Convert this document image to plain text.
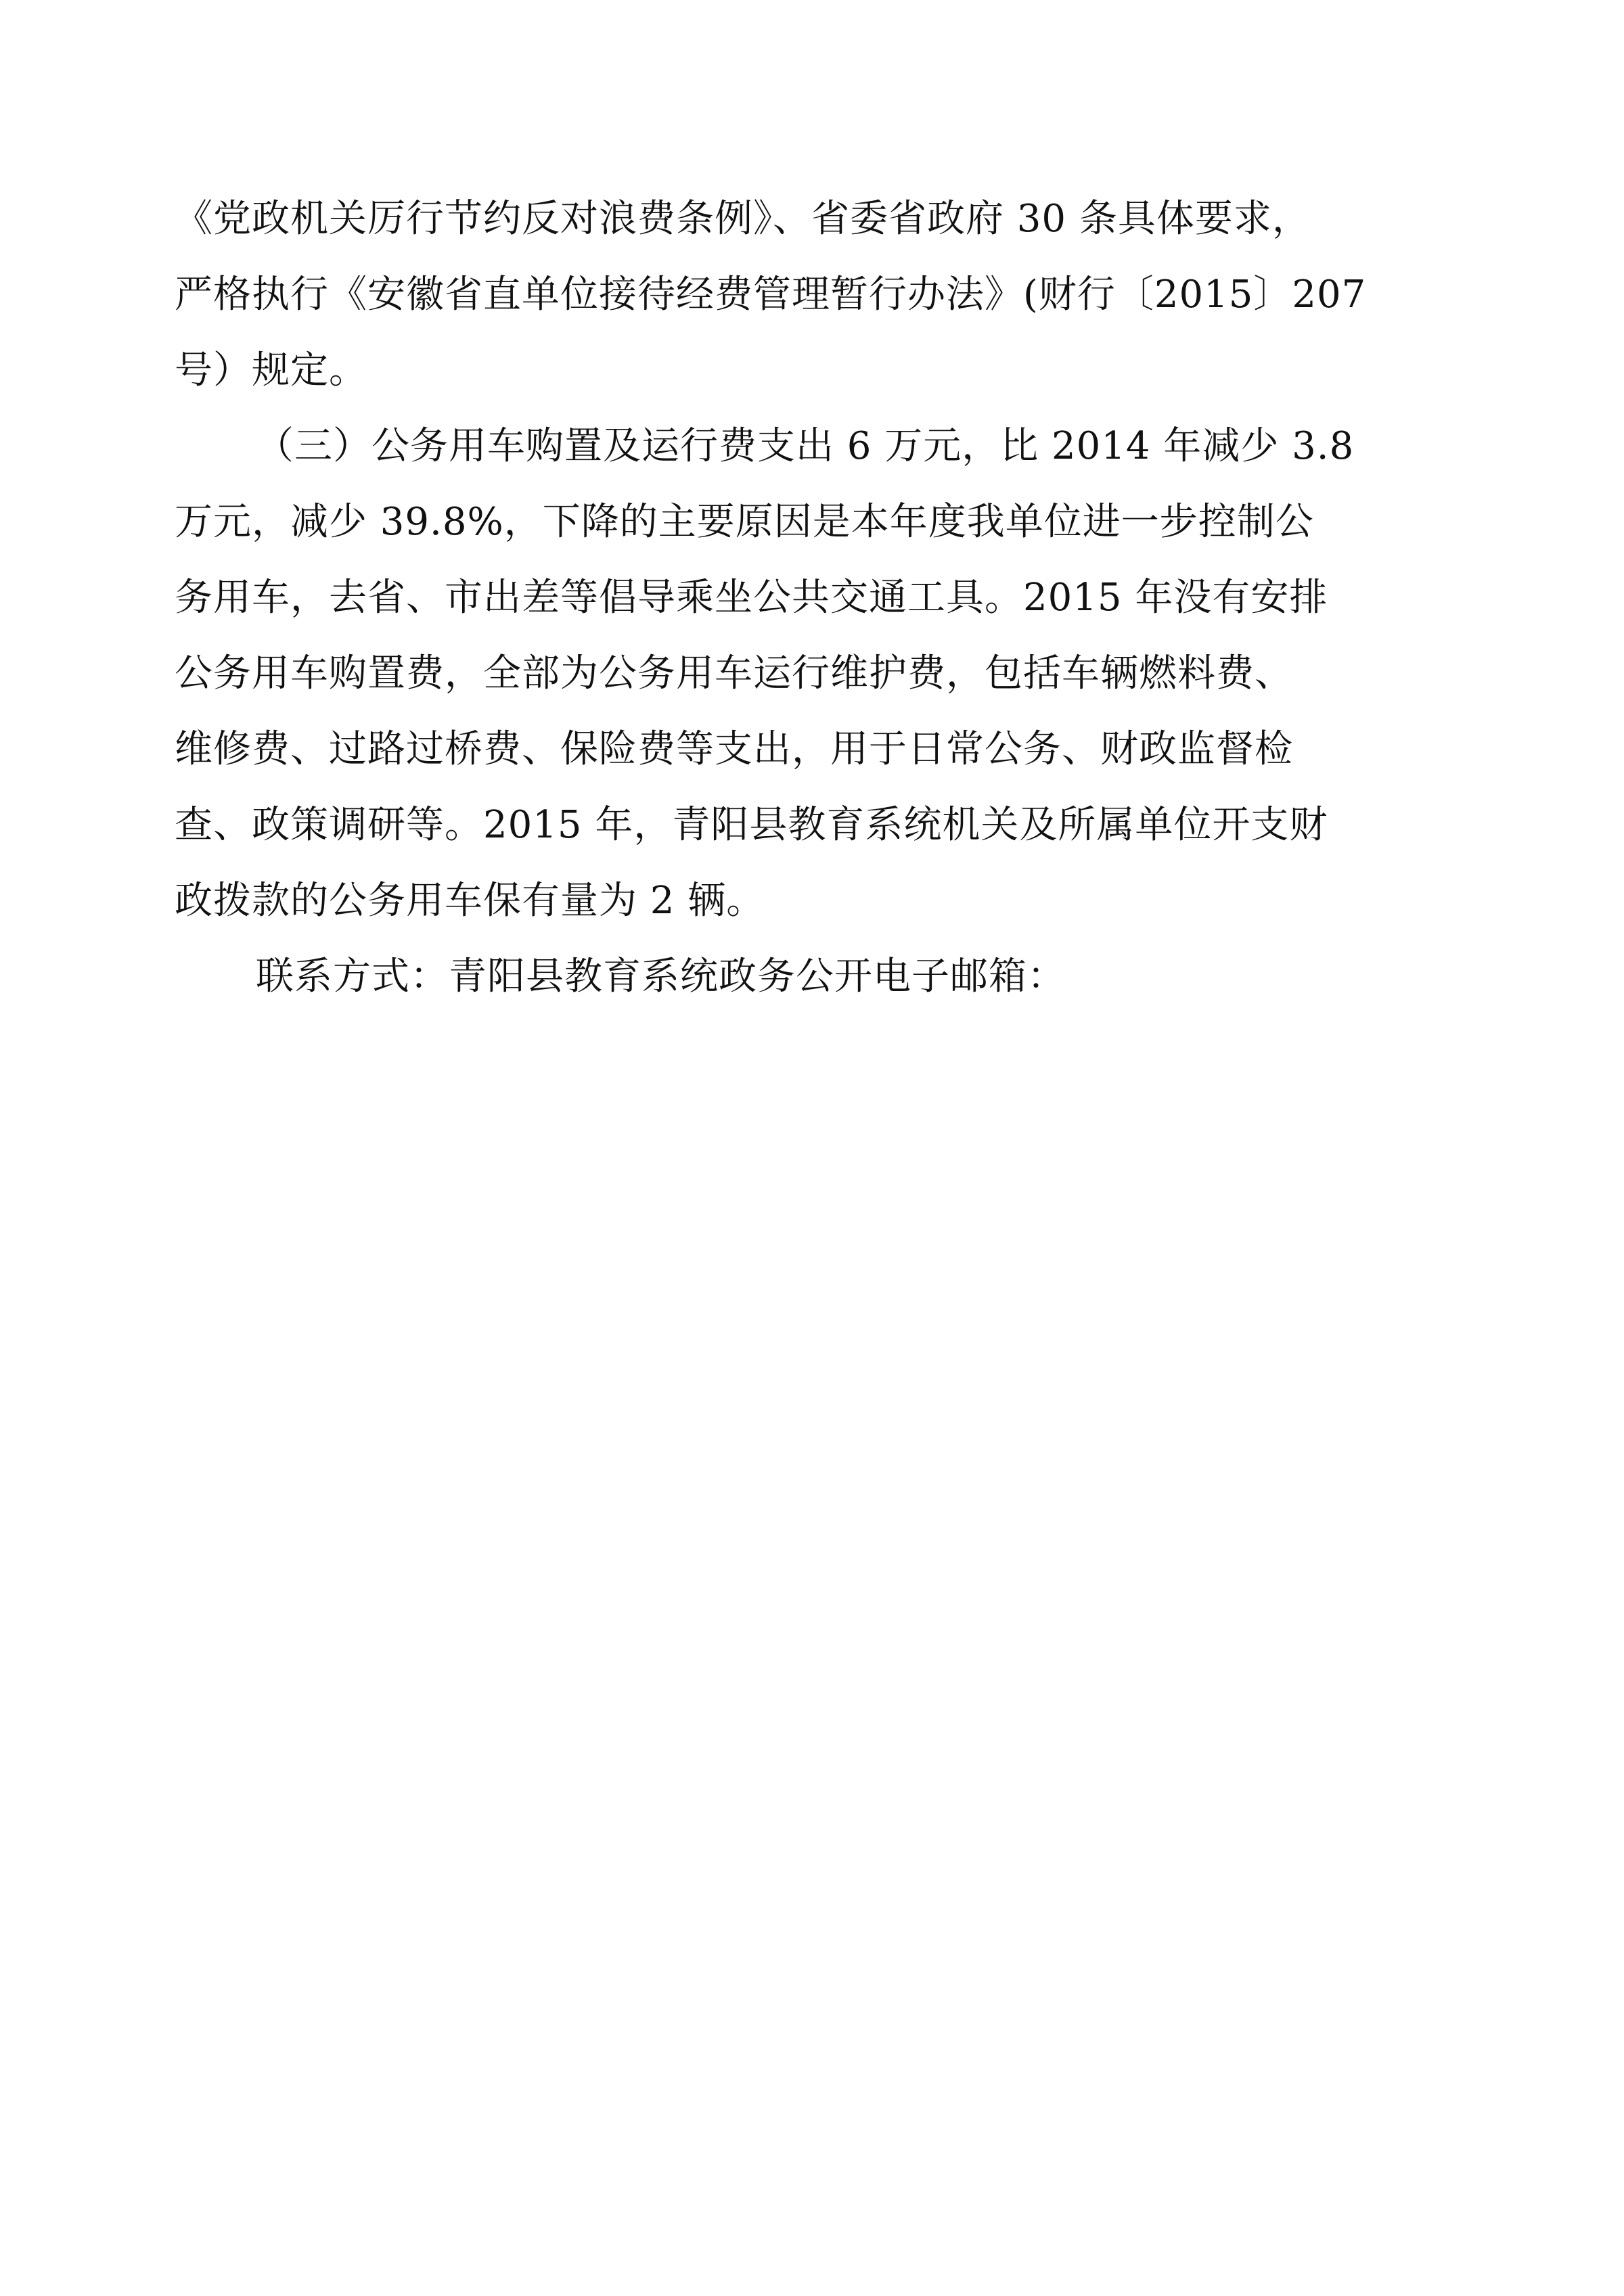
《党政机关厉行节约反对浪费条例》、省委省政府 30 条具体要求，
严格执行《安徽省直单位接待经费管理暂行办法》(财行〔2015〕207
号）规定。
（三）公务用车购置及运行费支出 6 万元，比 2014 年减少 3.8
万元，减少 39.8%，下降的主要原因是本年度我单位进一步控制公
务用车，去省、市出差等倡导乘坐公共交通工具。2015 年没有安排
公务用车购置费，全部为公务用车运行维护费，包括车辆燃料费、
维修费、过路过桥费、保险费等支出，用于日常公务、财政监督检
查、政策调研等。2015 年，青阳县教育系统机关及所属单位开支财
政拨款的公务用车保有量为 2 辆。
联系方式：青阳县教育系统政务公开电子邮箱：
